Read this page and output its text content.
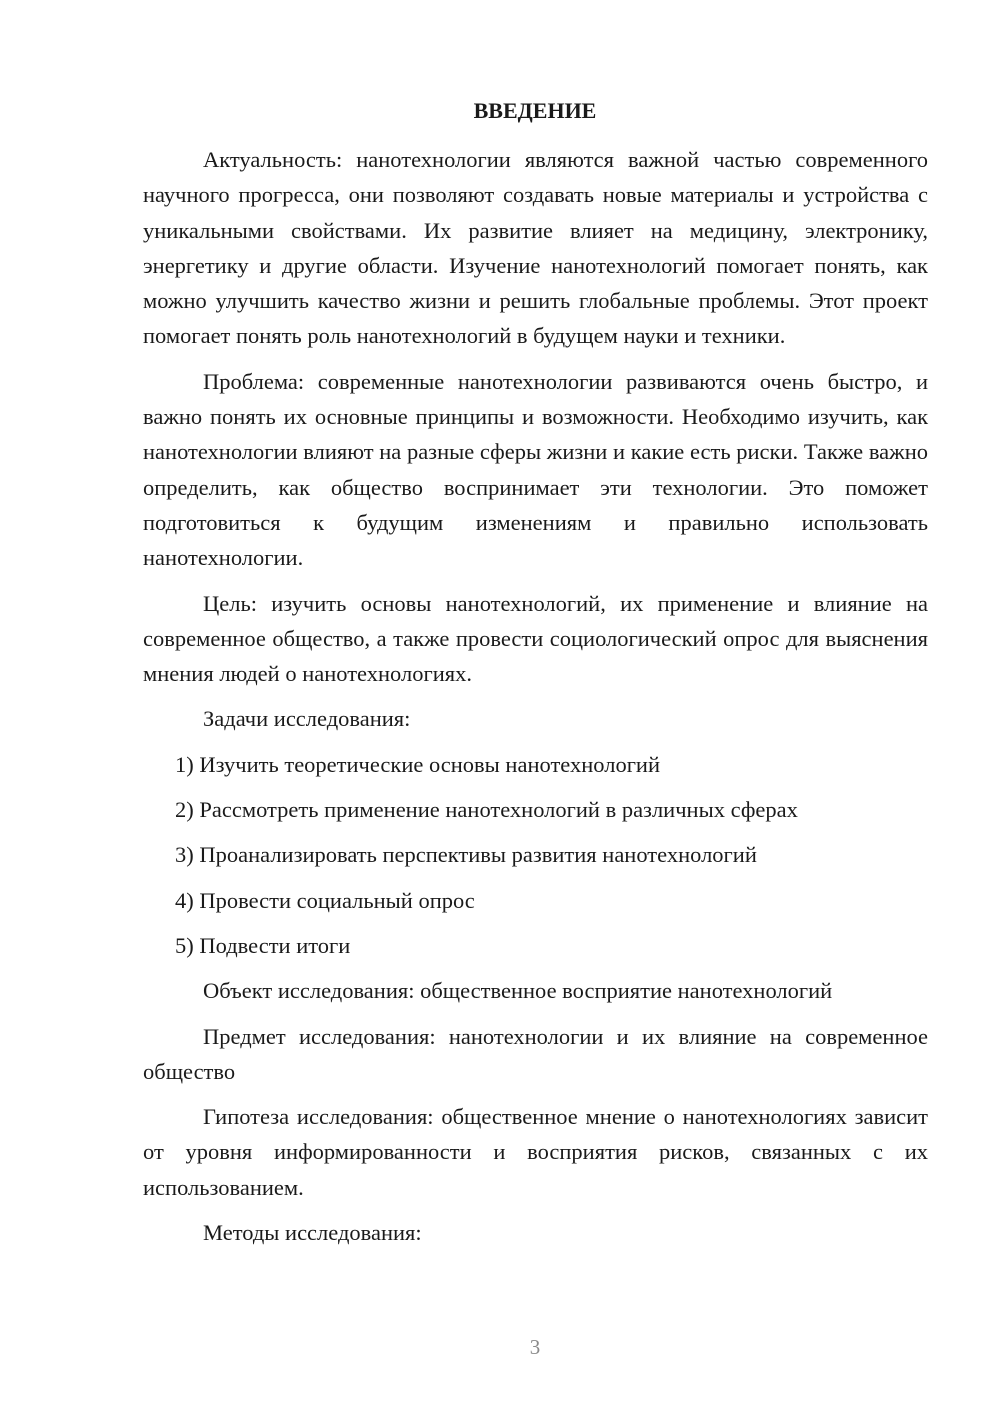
ВВЕДЕНИЕ

Актуальность: нанотехнологии являются важной частью современного научного прогресса, они позволяют создавать новые материалы и устройства с уникальными свойствами. Их развитие влияет на медицину, электронику, энергетику и другие области. Изучение нанотехнологий помогает понять, как можно улучшить качество жизни и решить глобальные проблемы. Этот проект помогает понять роль нанотехнологий в будущем науки и техники.

Проблема: современные нанотехнологии развиваются очень быстро, и важно понять их основные принципы и возможности. Необходимо изучить, как нанотехнологии влияют на разные сферы жизни и какие есть риски. Также важно определить, как общество воспринимает эти технологии. Это поможет подготовиться к будущим изменениям и правильно использовать нанотехнологии.

Цель: изучить основы нанотехнологий, их применение и влияние на современное общество, а также провести социологический опрос для выяснения мнения людей о нанотехнологиях.

Задачи исследования:

1) Изучить теоретические основы нанотехнологий
2) Рассмотреть применение нанотехнологий в различных сферах
3) Проанализировать перспективы развития нанотехнологий
4) Провести социальный опрос
5) Подвести итоги

Объект исследования: общественное восприятие нанотехнологий

Предмет исследования: нанотехнологии и их влияние на современное общество

Гипотеза исследования: общественное мнение о нанотехнологиях зависит от уровня информированности и восприятия рисков, связанных с их использованием.

Методы исследования:

3
